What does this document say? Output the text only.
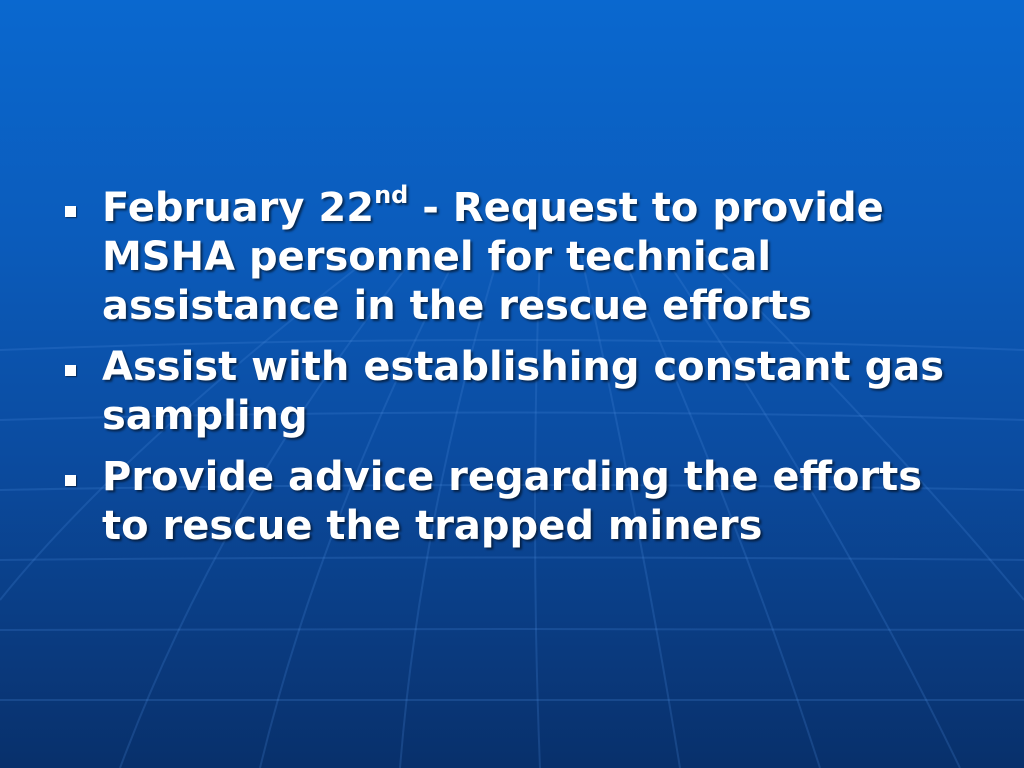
February 22nd - Request to provide MSHA personnel for technical assistance in the rescue efforts
Assist with establishing constant gas sampling
Provide advice regarding the efforts to rescue the trapped miners
